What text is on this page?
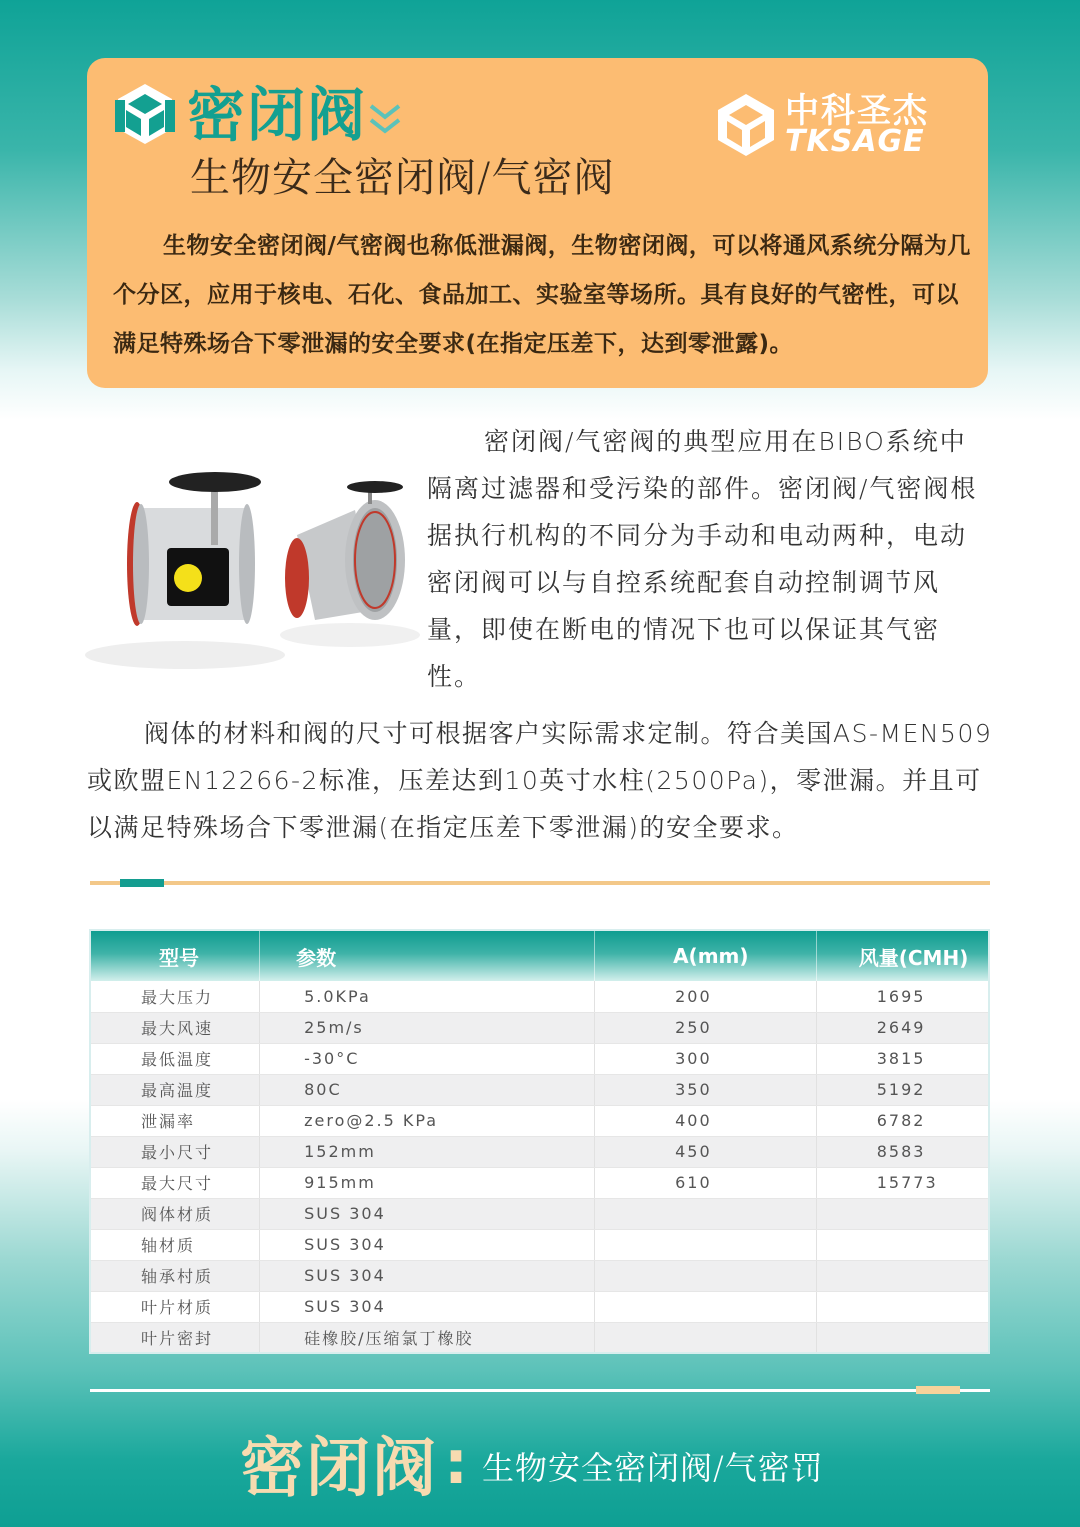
密闭阀
生物安全密闭阀/气密阀
中科圣杰
TKSAGE

生物安全密闭阀/气密阀也称低泄漏阀，生物密闭阀，可以将通风系统分隔为几个分区，应用于核电、石化、食品加工、实验室等场所。具有良好的气密性，可以满足特殊场合下零泄漏的安全要求(在指定压差下，达到零泄露)。

密闭阀/气密阀的典型应用在BIBO系统中隔离过滤器和受污染的部件。密闭阀/气密阀根据执行机构的不同分为手动和电动两种，电动密闭阀可以与自控系统配套自动控制调节风量，即使在断电的情况下也可以保证其气密性。

阀体的材料和阀的尺寸可根据客户实际需求定制。符合美国AS-MEN509或欧盟EN12266-2标准，压差达到10英寸水柱(2500Pa)，零泄漏。并且可以满足特殊场合下零泄漏(在指定压差下零泄漏)的安全要求。

型号	参数	A(mm)	风量(CMH)
最大压力	5.0KPa	200	1695
最大风速	25m/s	250	2649
最低温度	-30°C	300	3815
最高温度	80C	350	5192
泄漏率	zero@2.5 KPa	400	6782
最小尺寸	152mm	450	8583
最大尺寸	915mm	610	15773
阀体材质	SUS 304		
轴材质	SUS 304		
轴承村质	SUS 304		
叶片材质	SUS 304		
叶片密封	硅橡胶/压缩氯丁橡胶		
密闭阀 : 生物安全密闭阀/气密罚
